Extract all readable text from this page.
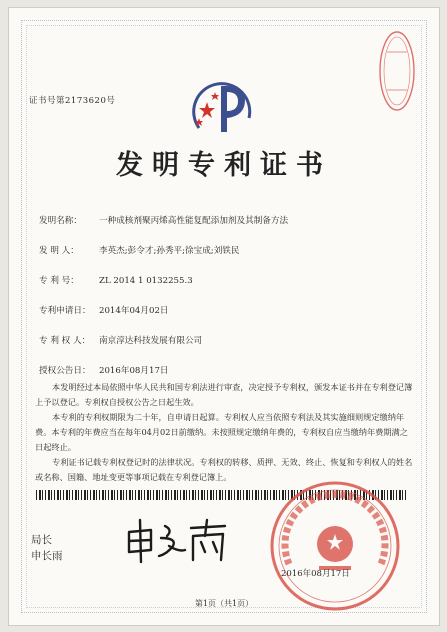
证书号第2173620号
发明专利证书
发明名称： 一种成核剂聚丙烯高性能复配添加剂及其制备方法
发 明 人： 李英杰;彭令才;孙秀平;徐宝成;刘铁民
专 利 号： ZL 2014 1 0132255.3
专利申请日： 2014年04月02日
专 利 权 人： 南京淳达科技发展有限公司
授权公告日： 2016年08月17日

本发明经过本局依照中华人民共和国专利法进行审查，决定授予专利权，颁发本证书并在专利登记簿上予以登记。专利权自授权公告之日起生效。

本专利的专利权期限为二十年，自申请日起算。专利权人应当依照专利法及其实施细则规定缴纳年费。本专利的年费应当在每年04月02日前缴纳。未按照规定缴纳年费的，专利权自应当缴纳年费期满之日起终止。

专利证书记载专利权登记时的法律状况。专利权的转移、质押、无效、终止、恢复和专利权人的姓名或名称、国籍、地址变更等事项记载在专利登记簿上。

局长
申长雨
2016年08月17日
第1页（共1页）
